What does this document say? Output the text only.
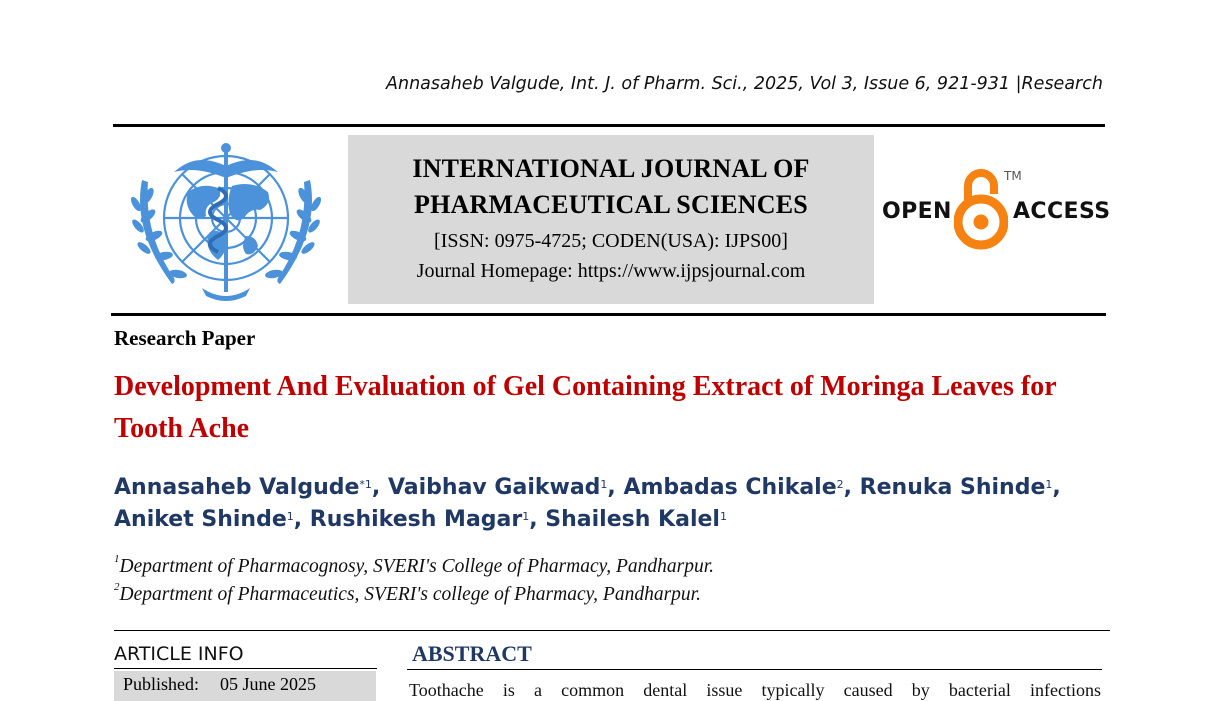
Annasaheb Valgude, Int. J. of Pharm. Sci., 2025, Vol 3, Issue 6, 921-931 |Research
INTERNATIONAL JOURNAL OF
PHARMACEUTICAL SCIENCES
[ISSN: 0975-4725; CODEN(USA): IJPS00]
Journal Homepage: https://www.ijpsjournal.com
OPEN
TM
ACCESS
Research Paper
Development And Evaluation of Gel Containing Extract of Moringa Leaves for Tooth Ache
Annasaheb Valgude$^{*1}$, Vaibhav Gaikwad$^1$, Ambadas Chikale$^2$, Renuka Shinde$^1$,
Aniket Shinde$^1$, Rushikesh Magar$^1$, Shailesh Kalel$^1$
$^1$Department of Pharmacognosy, SVERI's College of Pharmacy, Pandharpur.
$^2$Department of Pharmaceutics, SVERI's college of Pharmacy, Pandharpur.
ARTICLE INFO
Published: 05 June 2025
ABSTRACT
Toothache is a common dental issue typically caused by bacterial infections
